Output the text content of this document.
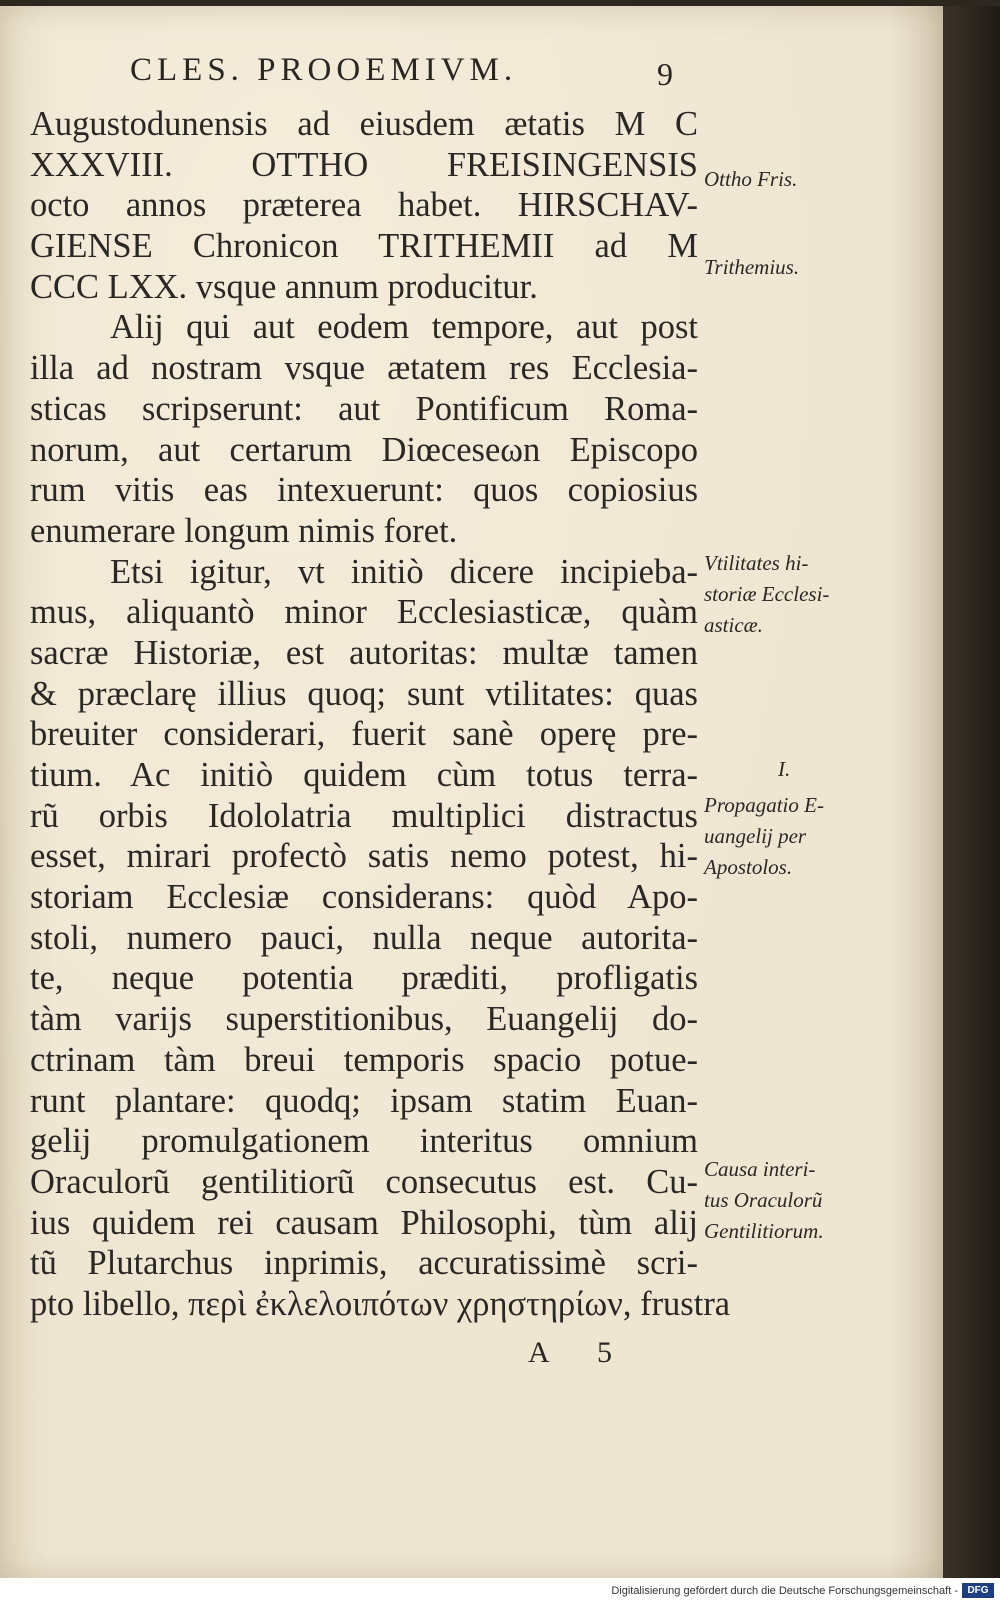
CLES. PROOEMIVM.	9
Augustodunensis ad eiusdem ætatis M C
XXXVIII. OTTHO FREISINGENSIS
octo annos præterea habet. HIRSCHAV-
GIENSE Chronicon TRITHEMII ad M
CCC LXX. vsque annum producitur.
Alij qui aut eodem tempore, aut post
illa ad nostram vsque ætatem res Ecclesia-
sticas scripserunt: aut Pontificum Roma-
norum, aut certarum Diœceseωn Episcopo
rum vitis eas intexuerunt: quos copiosius
enumerare longum nimis foret.
Etsi igitur, vt initiò dicere incipieba-
mus, aliquantò minor Ecclesiasticæ, quàm
sacræ Historiæ, est autoritas: multæ tamen
& præclarę illius quoq; sunt vtilitates: quas
breuiter considerari, fuerit sanè operę pre-
tium. Ac initiò quidem cùm totus terra-
rũ orbis Idololatria multiplici distractus
esset, mirari profectò satis nemo potest, hi-
storiam Ecclesiæ considerans: quòd Apo-
stoli, numero pauci, nulla neque autorita-
te, neque potentia præditi, profligatis
tàm varijs superstitionibus, Euangelij do-
ctrinam tàm breui temporis spacio potue-
runt plantare: quodq; ipsam statim Euan-
gelij promulgationem interitus omnium
Oraculorũ gentilitiorũ consecutus est. Cu-
ius quidem rei causam Philosophi, tùm alij
tũ Plutarchus inprimis, accuratissimè scri-
pto libello, περὶ ἐκλελοιπότων χρηστηρίων, frustra
Ottho Fris.
Trithemius.
Vtilitates hi-
storiæ Ecclesi-
asticæ.
I.
Propagatio E-
uangelij per
Apostolos.
Causa interi-
tus Oraculorũ
Gentilitiorum.
A 5
Digitalisierung gefördert durch die Deutsche Forschungsgemeinschaft - DFG
